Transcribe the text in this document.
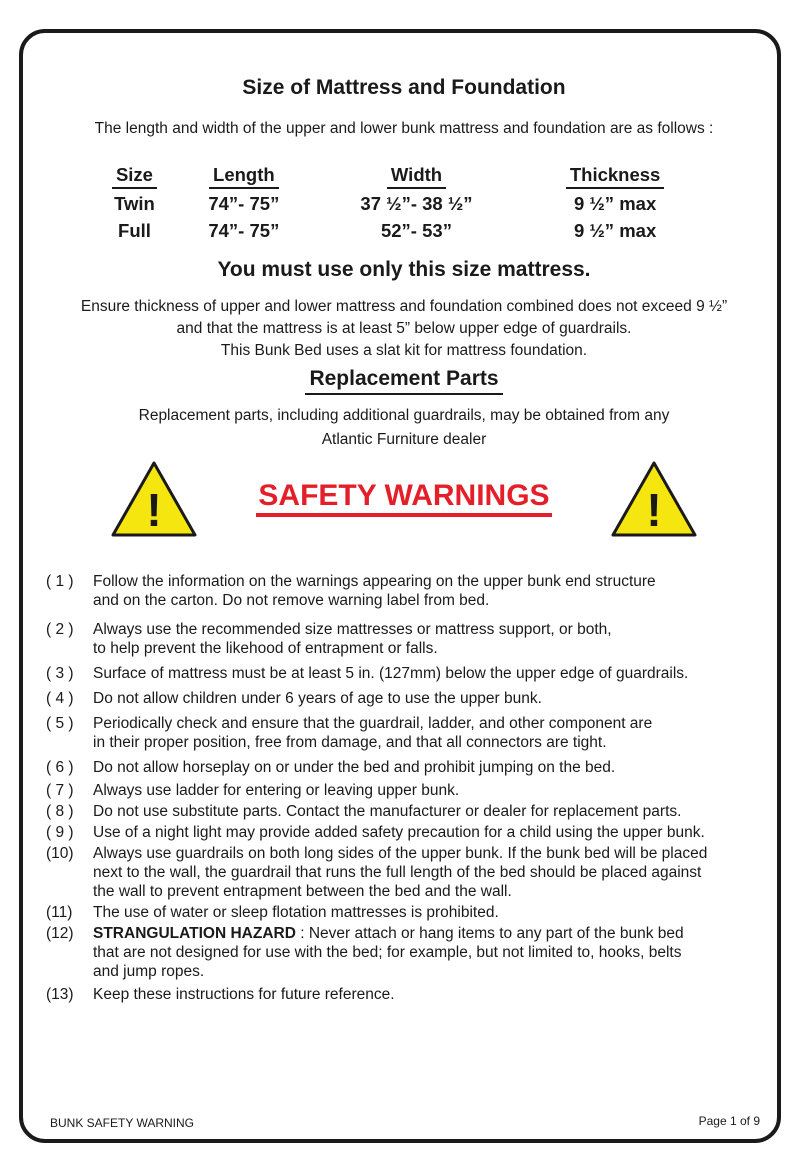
Size of Mattress and Foundation
The length and width of the upper and lower bunk mattress and foundation are as follows :
Size	Length	Width	Thickness
Twin	74”- 75”	37 ½”- 38 ½”	9 ½” max
Full	74”- 75”	52”- 53”	9 ½” max
You must use only this size mattress.
Ensure thickness of upper and lower mattress and foundation combined does not exceed 9 ½”
and that the mattress is at least 5” below upper edge of guardrails.
This Bunk Bed uses a slat kit for mattress foundation.
Replacement Parts
Replacement parts, including additional guardrails, may be obtained from any
Atlantic Furniture dealer
!	SAFETY WARNINGS	!
( 1 )	Follow the information on the warnings appearing on the upper bunk end structure
and on the carton. Do not remove warning label from bed.
( 2 )	Always use the recommended size mattresses or mattress support, or both,
to help prevent the likehood of entrapment or falls.
( 3 )	Surface of mattress must be at least 5 in. (127mm) below the upper edge of guardrails.
( 4 )	Do not allow children under 6 years of age to use the upper bunk.
( 5 )	Periodically check and ensure that the guardrail, ladder, and other component are
in their proper position, free from damage, and that all connectors are tight.
( 6 )	Do not allow horseplay on or under the bed and prohibit jumping on the bed.
( 7 )	Always use ladder for entering or leaving upper bunk.
( 8 )	Do not use substitute parts. Contact the manufacturer or dealer for replacement parts.
( 9 )	Use of a night light may provide added safety precaution for a child using the upper bunk.
(10)	Always use guardrails on both long sides of the upper bunk. If the bunk bed will be placed
next to the wall, the guardrail that runs the full length of the bed should be placed against
the wall to prevent entrapment between the bed and the wall.
(11)	The use of water or sleep flotation mattresses is prohibited.
(12)	STRANGULATION HAZARD : Never attach or hang items to any part of the bunk bed
that are not designed for use with the bed; for example, but not limited to, hooks, belts
and jump ropes.
(13)	Keep these instructions for future reference.
BUNK SAFETY WARNING	Page 1 of 9
